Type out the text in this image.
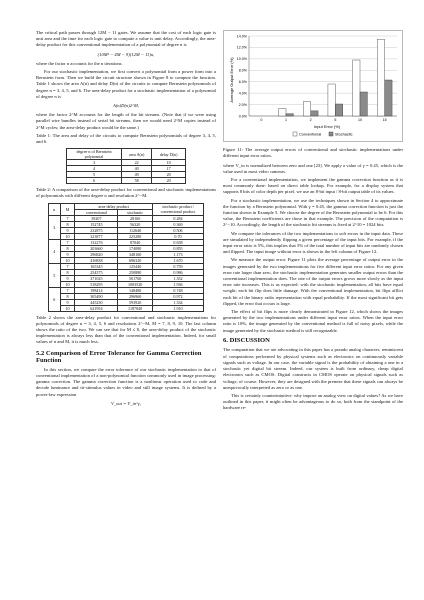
The critical path passes through 12M − 11 gates. We assume that the cost of each logic gate is unit area and the time for each logic gate to compute a value is unit delay. Accordingly, the area-delay product for this conventional implementation of a polynomial of degree n is

(10M² − 4M − 9)(12M − 11)n,

where the factor n accounts for the n iterations.

For our stochastic implementation, we first convert a polynomial from a power form into a Bernstein form. Then we build the circuit structure shown in Figure 8 to compute the function. Table 1 shows the area A(n) and delay D(n) of the circuits to compute Bernstein polynomials of degree n = 3, 4, 5, and 6. The area-delay product for a stochastic implementation of a polynomial of degree n is

A(n)D(n)2^M,

where the factor 2^M accounts for the length of the bit streams. (Note that if we were using parallel wire bundles instead of serial bit streams, then we would need 2^M copies instead of 2^M cycles; the area-delay product would be the same.)

Table 1: The area and delay of the circuits to compute Bernstein polynomials of degree 3, 4, 5, and 6.

degree n of Bernstein polynomial	area A(n)	delay D(n)
3	22	10
4	40	17
5	49	20
6	58	20

Table 2: A comparison of the area-delay product for conventional and stochastic implementations of polynomials with different degree n and resolution 2^−M.

n	M	area-delay product		stochastic product / conventional product
		conventional	stochastic	
3	7	39207	28160	0.284
	8	152745	56320	0.369
	9	232875	112640	0.506
	10	323877	225280	0.70
4	7	132276	87040	0.658
	8	203660	174080	0.855
	9	296820	348160	1.173
	10	416838	696320	1.670
5	7	165345	125440	0.759
	8	254575	250880	0.986
	9	371025	501760	1.352
	10	518295	1003520	1.936
6	7	198414	148480	0.748
	8	305490	296960	0.972
	9	445230	593920	1.334
	10	621954	1187840	1.910

Table 2 shows the area-delay product for conventional and stochastic implementations for polynomials of degree n = 3, 4, 5, 6 and resolutions 2^−M, M = 7, 8, 9, 10. The last column shows the ratio of the two. We can see that for M ≤ 8, the area-delay product of the stochastic implementation is always less than that of the conventional implementation. Indeed, for small values of n and M, it is much less.

5.2 Comparison of Error Tolerance for Gamma Correction Function

In this section, we compare the error tolerance of our stochastic implementation to that of conventional implementation of a non-polynomial function commonly used in image processing: gamma correction. The gamma correction function is a nonlinear operation used to code and decode luminance and tri-stimulus values in video and still image systems. It is defined by a power-law expression

V_out = V_in^γ,

0.0%
2.0%
4.0%
6.0%
8.0%
10.0%
12.0%
14.0%
0	1	2	5	10	15
Average Output Error (%)
Input Error (%)
Conventional	Stochastic

Figure 11: The average output errors of conventional and stochastic implementations under different input error ratios.

where V_in is normalized between zero and one [23]. We apply a value of γ = 0.45, which is the value used in most video cameras.

For a conventional implementation, we implement the gamma correction function as it is most commonly done: based on direct table lookup. For example, for a display system that supports 8 bits of color depth per pixel, we use an 8-bit input / 8-bit output table of its values.

For a stochastic implementation, we use the techniques shown in Section 4 to approximate the function by a Bernstein polynomial. With γ = 0.45, the gamma correction function is just the function shown in Example 5. We choose the degree of the Bernstein polynomial to be 6. For this value, the Bernstein coefficients are those in that example. The precision of the computation is 2^−10. Accordingly, the length of the stochastic bit streams is fixed at 2^10 = 1024 bits.

We compare the tolerances of the two implementations to soft errors in the input data. These are simulated by independently flipping a given percentage of the input bits. For example, if the input error ratio is 5%, this implies that 5% of the total number of input bits are randomly chosen and flipped. The input image without error is shown in the left column of Figure 12.

We measure the output error. Figure 11 plots the average percentage of output error in the images generated by the two implementations for five different input error ratios. For any given error rate larger than zero, the stochastic implementation generates smaller output errors than the conventional implementation does. The rate of the output errors grows more slowly as the input error rate increases. This is as expected: with the stochastic implementation, all bits have equal weight; each bit flip does little damage. With the conventional implementation, bit flips afflict each bit of the binary radix representation with equal probability. If the most significant bit gets flipped, the error that occurs is large.

The effect of bit flips is more clearly demonstrated in Figure 12, which shows the images generated by the two implementations under different input error ratios. When the input error ratio is 10%, the image generated by the conventional method is full of noisy pixels, while the image generated by the stochastic method is still recognizable.

6. DISCUSSION

The computation that we are advocating in this paper has a pseudo analog character, reminiscent of computations performed by physical systems such as electronics on continuously variable signals such as voltage. In our case, the variable signal is the probability of obtaining a one in a stochastic yet digital bit stream. Indeed, our system is built from ordinary, cheap digital electronics such as CMOS. Digital constructs in CMOS operate on physical signals such as voltage, of course. However, they are designed with the premise that these signals can always be unequivocally interpreted as zero or as one.

This is certainly counterintuitive: why impose an analog view on digital values? As we have outlined in this paper, it might often be advantageous to do so, both from the standpoint of the hardware re-
